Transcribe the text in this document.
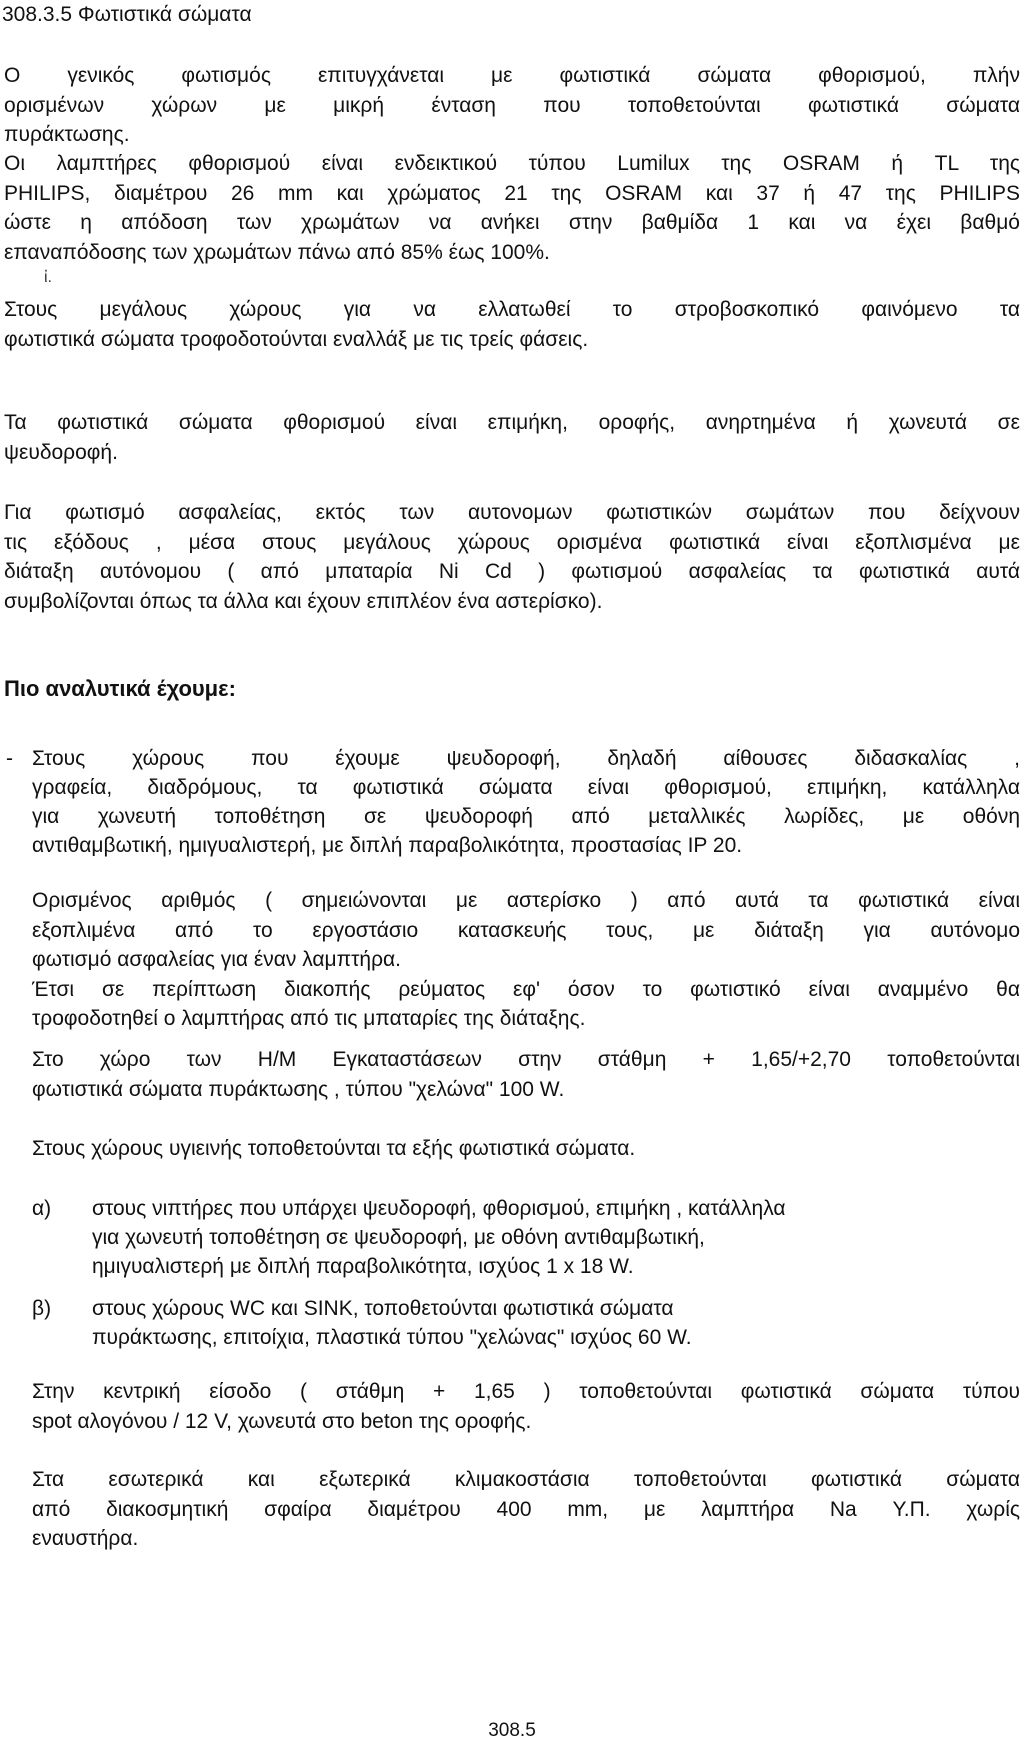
308.3.5 Φωτιστικά σώματα
Ο γενικός φωτισμός επιτυγχάνεται με φωτιστικά σώματα φθορισμού, πλήν
ορισμένων χώρων με μικρή ένταση που τοποθετούνται φωτιστικά σώματα
πυράκτωσης.
Οι λαμπτήρες φθορισμού είναι ενδεικτικού τύπου Lumilux της OSRAM ή TL της
PHILIPS, διαμέτρου 26 mm και χρώματος 21 της OSRAM και 37 ή 47 της PHILIPS
ώστε η απόδοση των χρωμάτων να ανήκει στην βαθμίδα 1 και να έχει βαθμό
επαναπόδοσης των χρωμάτων πάνω από 85% έως 100%.
ἰ.
Στους μεγάλους χώρους για να ελλατωθεί το στροβοσκοπικό φαινόμενο τα
φωτιστικά σώματα τροφοδοτούνται εναλλάξ με τις τρείς φάσεις.
Τα φωτιστικά σώματα φθορισμού είναι επιμήκη, οροφής, ανηρτημένα ή χωνευτά σε
ψευδοροφή.
Για φωτισμό ασφαλείας, εκτός των αυτονομων φωτιστικών σωμάτων που δείχνουν
τις εξόδους , μέσα στους μεγάλους χώρους ορισμένα φωτιστικά είναι εξοπλισμένα με
διάταξη αυτόνομου ( από μπαταρία Ni Cd ) φωτισμού ασφαλείας τα φωτιστικά αυτά
συμβολίζονται όπως τα άλλα και έχουν επιπλέον ένα αστερίσκο).
Πιο αναλυτικά έχουμε:
- Στους χώρους που έχουμε ψευδοροφή, δηλαδή αίθουσες διδασκαλίας ,
γραφεία, διαδρόμους, τα φωτιστικά σώματα είναι φθορισμού, επιμήκη, κατάλληλα
για χωνευτή τοποθέτηση σε ψευδοροφή από μεταλλικές λωρίδες, με οθόνη
αντιθαμβωτική, ημιγυαλιστερή, με διπλή παραβολικότητα, προστασίας IP 20.
Ορισμένος αριθμός ( σημειώνονται με αστερίσκο ) από αυτά τα φωτιστικά είναι
εξοπλιμένα από το εργοστάσιο κατασκευής τους, με διάταξη για αυτόνομο
φωτισμό ασφαλείας για έναν λαμπτήρα.
Έτσι σε περίπτωση διακοπής ρεύματος εφ' όσον το φωτιστικό είναι αναμμένο θα
τροφοδοτηθεί ο λαμπτήρας από τις μπαταρίες της διάταξης.
Στο χώρο των Η/Μ Εγκαταστάσεων στην στάθμη + 1,65/+2,70 τοποθετούνται
φωτιστικά σώματα πυράκτωσης , τύπου "χελώνα" 100 W.
Στους χώρους υγιεινής τοποθετούνται τα εξής φωτιστικά σώματα.
α) στους νιπτήρες που υπάρχει ψευδοροφή, φθορισμού, επιμήκη , κατάλληλα
για χωνευτή τοποθέτηση σε ψευδοροφή, με οθόνη αντιθαμβωτική,
ημιγυαλιστερή με διπλή παραβολικότητα, ισχύος 1 x 18 W.
β) στους χώρους WC και SINK, τοποθετούνται φωτιστικά σώματα
πυράκτωσης, επιτοίχια, πλαστικά τύπου "χελώνας" ισχύος 60 W.
Στην κεντρική είσοδο ( στάθμη + 1,65 ) τοποθετούνται φωτιστικά σώματα τύπου
spot αλογόνου / 12 V, χωνευτά στο beton της οροφής.
Στα εσωτερικά και εξωτερικά κλιμακοστάσια τοποθετούνται φωτιστικά σώματα
από διακοσμητική σφαίρα διαμέτρου 400 mm, με λαμπτήρα Na Υ.Π. χωρίς
εναυστήρα.
308.5
